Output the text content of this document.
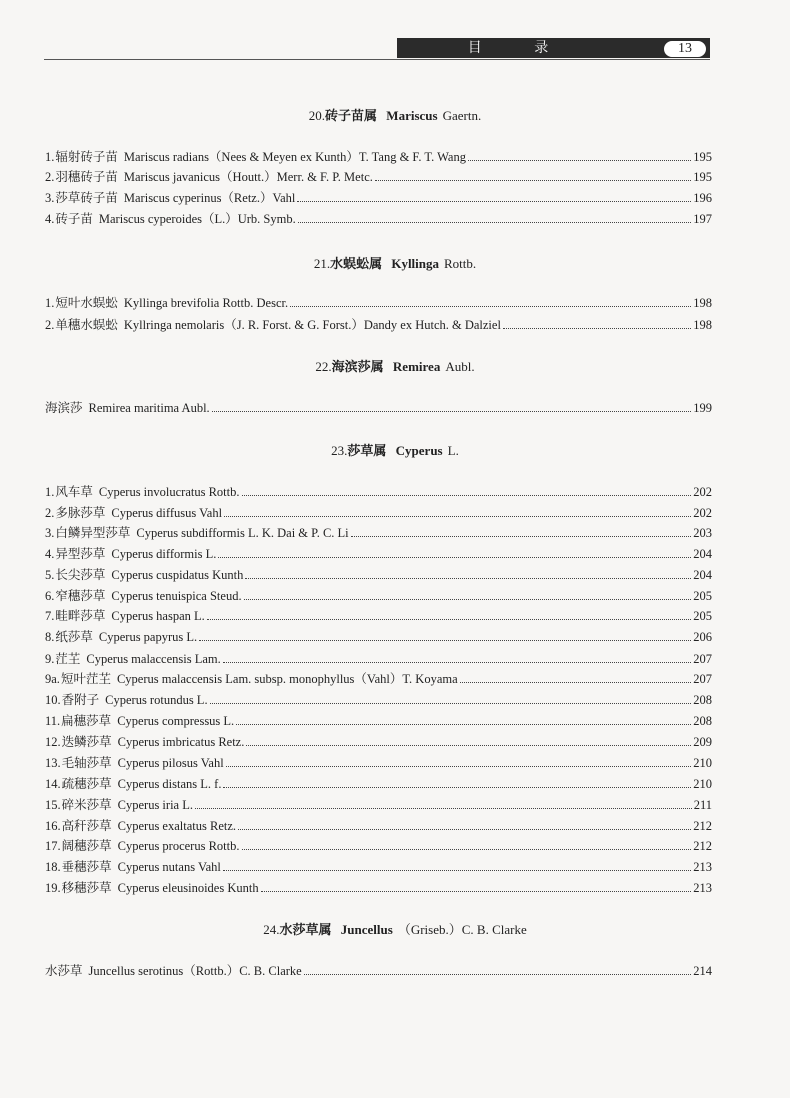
目 录	13
20.砖子苗属 Mariscus Gaertn.
1.辐射砖子苗 Mariscus radians（Nees & Meyen ex Kunth）T. Tang & F. T. Wang	195
2.羽穗砖子苗 Mariscus javanicus（Houtt.）Merr. & F. P. Metc.	195
3.莎草砖子苗 Mariscus cyperinus（Retz.）Vahl	196
4.砖子苗 Mariscus cyperoides（L.）Urb. Symb.	197
21.水蜈蚣属 Kyllinga Rottb.
1.短叶水蜈蚣 Kyllinga brevifolia Rottb. Descr.	198
2.单穗水蜈蚣 Kyllringa nemolaris（J. R. Forst. & G. Forst.）Dandy ex Hutch. & Dalziel	198
22.海滨莎属 Remirea Aubl.
海滨莎 Remirea maritima Aubl.	199
23.莎草属 Cyperus L.
1.风车草 Cyperus involucratus Rottb.	202
2.多脉莎草 Cyperus diffusus Vahl	202
3.白鳞异型莎草 Cyperus subdifformis L. K. Dai & P. C. Li	203
4.异型莎草 Cyperus difformis L.	204
5.长尖莎草 Cyperus cuspidatus Kunth	204
6.窄穗莎草 Cyperus tenuispica Steud.	205
7.畦畔莎草 Cyperus haspan L.	205
8.纸莎草 Cyperus papyrus L.	206
9.茳芏 Cyperus malaccensis Lam.	207
9a.短叶茳芏 Cyperus malaccensis Lam. subsp. monophyllus（Vahl）T. Koyama	207
10.香附子 Cyperus rotundus L.	208
11.扁穗莎草 Cyperus compressus L.	208
12.迭鳞莎草 Cyperus imbricatus Retz.	209
13.毛轴莎草 Cyperus pilosus Vahl	210
14.疏穗莎草 Cyperus distans L. f.	210
15.碎米莎草 Cyperus iria L.	211
16.高秆莎草 Cyperus exaltatus Retz.	212
17.阔穗莎草 Cyperus procerus Rottb.	212
18.垂穗莎草 Cyperus nutans Vahl	213
19.移穗莎草 Cyperus eleusinoides Kunth	213
24.水莎草属 Juncellus （Griseb.）C. B. Clarke
水莎草 Juncellus serotinus（Rottb.）C. B. Clarke	214
